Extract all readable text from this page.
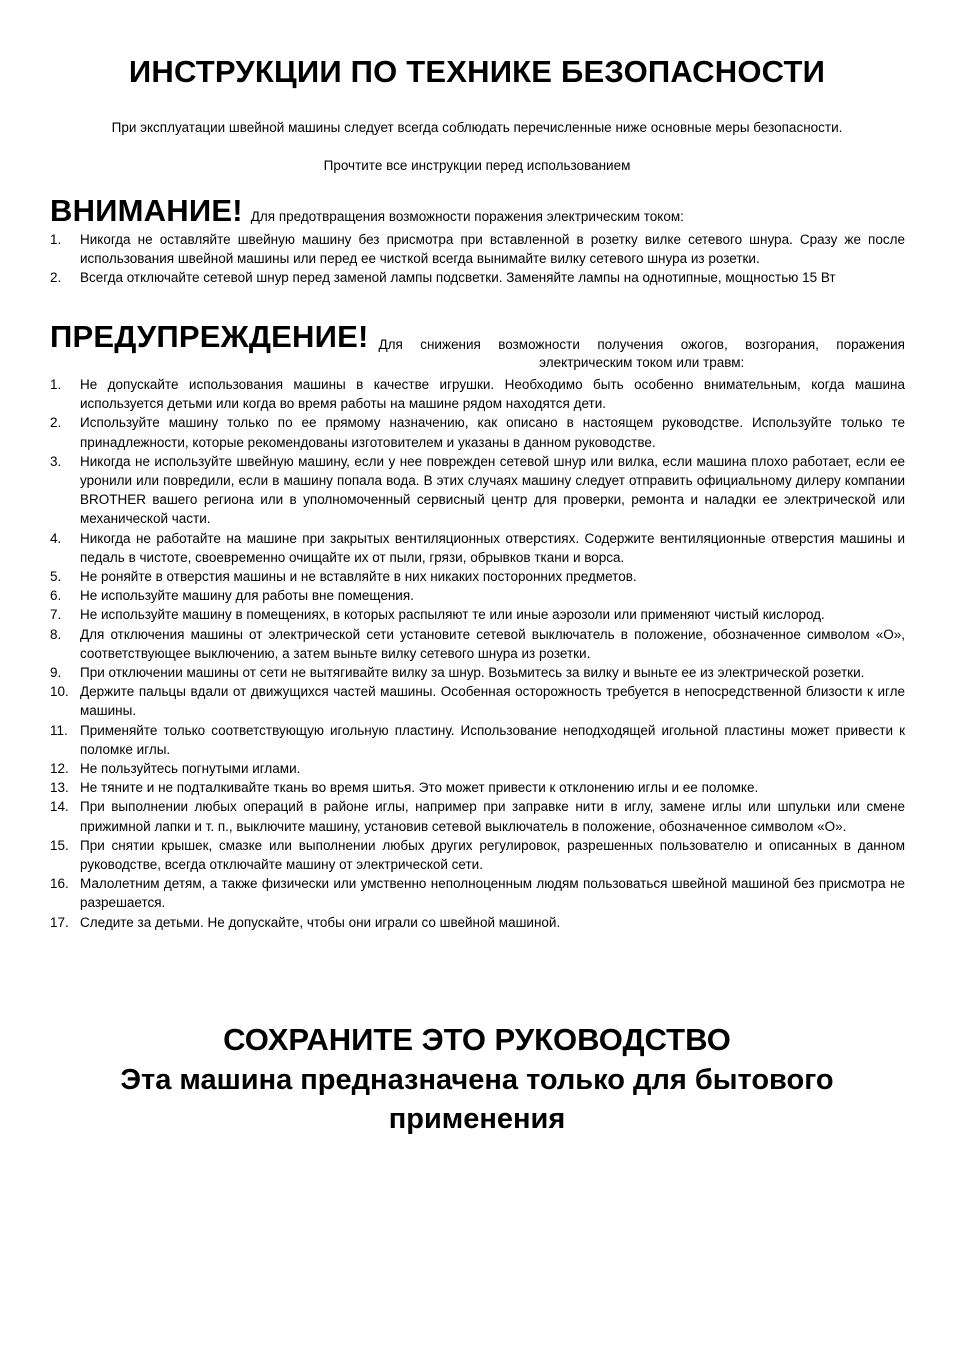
ИНСТРУКЦИИ ПО ТЕХНИКЕ БЕЗОПАСНОСТИ
При эксплуатации швейной машины следует всегда соблюдать перечисленные ниже основные меры безопасности.
Прочтите все инструкции перед использованием
ВНИМАНИЕ! Для предотвращения возможности поражения электрическим током:
1. Никогда не оставляйте швейную машину без присмотра при вставленной в розетку вилке сетевого шнура. Сразу же после использования швейной машины или перед ее чисткой всегда вынимайте вилку сетевого шнура из розетки.
2. Всегда отключайте сетевой шнур перед заменой лампы подсветки. Заменяйте лампы на однотипные, мощностью 15 Вт
ПРЕДУПРЕЖДЕНИЕ! Для снижения возможности получения ожогов, возгорания, поражения электрическим током или травм:
1. Не допускайте использования машины в качестве игрушки. Необходимо быть особенно внимательным, когда машина используется детьми или когда во время работы на машине рядом находятся дети.
2. Используйте машину только по ее прямому назначению, как описано в настоящем руководстве. Используйте только те принадлежности, которые рекомендованы изготовителем и указаны в данном руководстве.
3. Никогда не используйте швейную машину, если у нее поврежден сетевой шнур или вилка, если машина плохо работает, если ее уронили или повредили, если в машину попала вода. В этих случаях машину следует отправить официальному дилеру компании BROTHER вашего региона или в уполномоченный сервисный центр для проверки, ремонта и наладки ее электрической или механической части.
4. Никогда не работайте на машине при закрытых вентиляционных отверстиях. Содержите вентиляционные отверстия машины и педаль в чистоте, своевременно очищайте их от пыли, грязи, обрывков ткани и ворса.
5. Не роняйте в отверстия машины и не вставляйте в них никаких посторонних предметов.
6. Не используйте машину для работы вне помещения.
7. Не используйте машину в помещениях, в которых распыляют те или иные аэрозоли или применяют чистый кислород.
8. Для отключения машины от электрической сети установите сетевой выключатель в положение, обозначенное символом «O», соответствующее выключению, а затем выньте вилку сетевого шнура из розетки.
9. При отключении машины от сети не вытягивайте вилку за шнур. Возьмитесь за вилку и выньте ее из электрической розетки.
10. Держите пальцы вдали от движущихся частей машины. Особенная осторожность требуется в непосредственной близости к игле машины.
11. Применяйте только соответствующую игольную пластину. Использование неподходящей игольной пластины может привести к поломке иглы.
12. Не пользуйтесь погнутыми иглами.
13. Не тяните и не подталкивайте ткань во время шитья. Это может привести к отклонению иглы и ее поломке.
14. При выполнении любых операций в районе иглы, например при заправке нити в иглу, замене иглы или шпульки или смене прижимной лапки и т. п., выключите машину, установив сетевой выключатель в положение, обозначенное символом «O».
15. При снятии крышек, смазке или выполнении любых других регулировок, разрешенных пользователю и описанных в данном руководстве, всегда отключайте машину от электрической сети.
16. Малолетним детям, а также физически или умственно неполноценным людям пользоваться швейной машиной без присмотра не разрешается.
17. Следите за детьми. Не допускайте, чтобы они играли со швейной машиной.
СОХРАНИТЕ ЭТО РУКОВОДСТВО
Эта машина предназначена только для бытового применения
